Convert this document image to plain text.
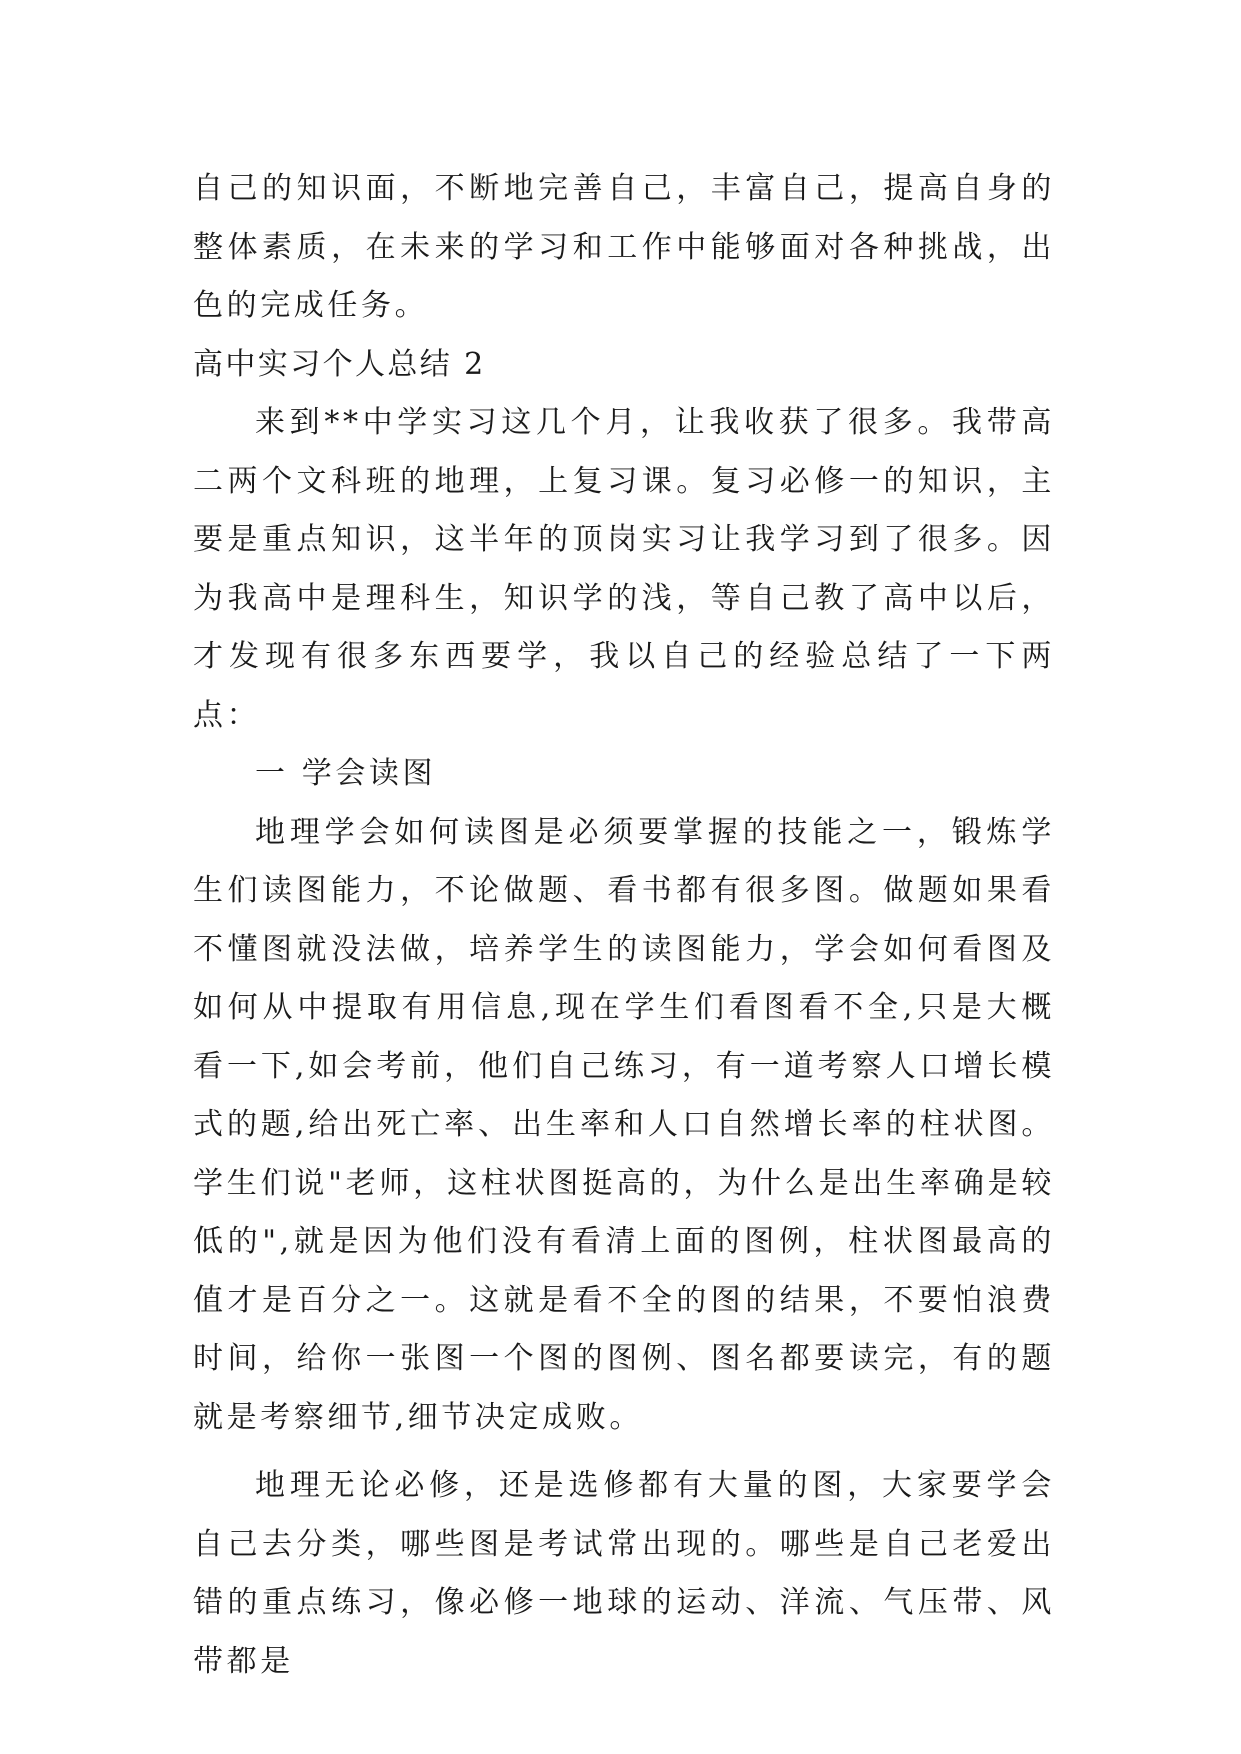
自己的知识面，不断地完善自己，丰富自己，提高自身的整体素质，在未来的学习和工作中能够面对各种挑战，出色的完成任务。

高中实习个人总结 2

来到**中学实习这几个月，让我收获了很多。我带高二两个文科班的地理，上复习课。复习必修一的知识，主要是重点知识，这半年的顶岗实习让我学习到了很多。因为我高中是理科生，知识学的浅，等自己教了高中以后，才发现有很多东西要学，我以自己的经验总结了一下两点：

一 学会读图

地理学会如何读图是必须要掌握的技能之一，锻炼学生们读图能力，不论做题、看书都有很多图。做题如果看不懂图就没法做，培养学生的读图能力，学会如何看图及如何从中提取有用信息,现在学生们看图看不全,只是大概看一下,如会考前，他们自己练习，有一道考察人口增长模式的题,给出死亡率、出生率和人口自然增长率的柱状图。学生们说"老师，这柱状图挺高的，为什么是出生率确是较低的",就是因为他们没有看清上面的图例，柱状图最高的值才是百分之一。这就是看不全的图的结果，不要怕浪费时间，给你一张图一个图的图例、图名都要读完，有的题就是考察细节,细节决定成败。

地理无论必修，还是选修都有大量的图，大家要学会自己去分类，哪些图是考试常出现的。哪些是自己老爱出错的重点练习，像必修一地球的运动、洋流、气压带、风带都是
